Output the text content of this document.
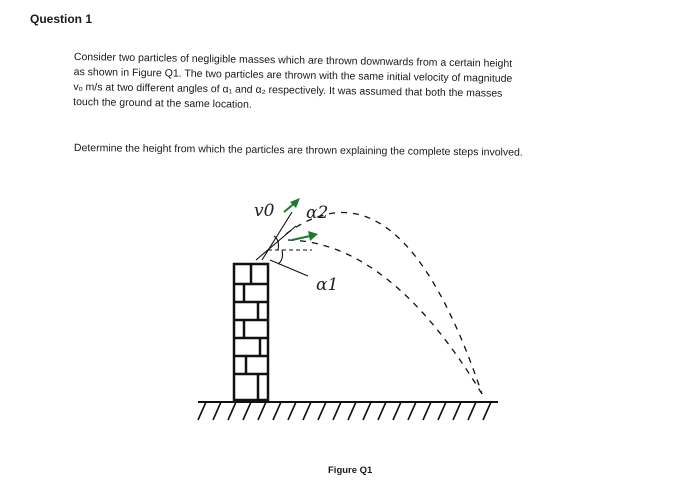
Question 1
Consider two particles of negligible masses which are thrown downwards from a certain height
as shown in Figure Q1. The two particles are thrown with the same initial velocity of magnitude
vₒ m/s at two different angles of α₁ and α₂ respectively. It was assumed that both the masses
touch the ground at the same location.
Determine the height from which the particles are thrown explaining the complete steps involved.
v0 α2
α1
Figure Q1
